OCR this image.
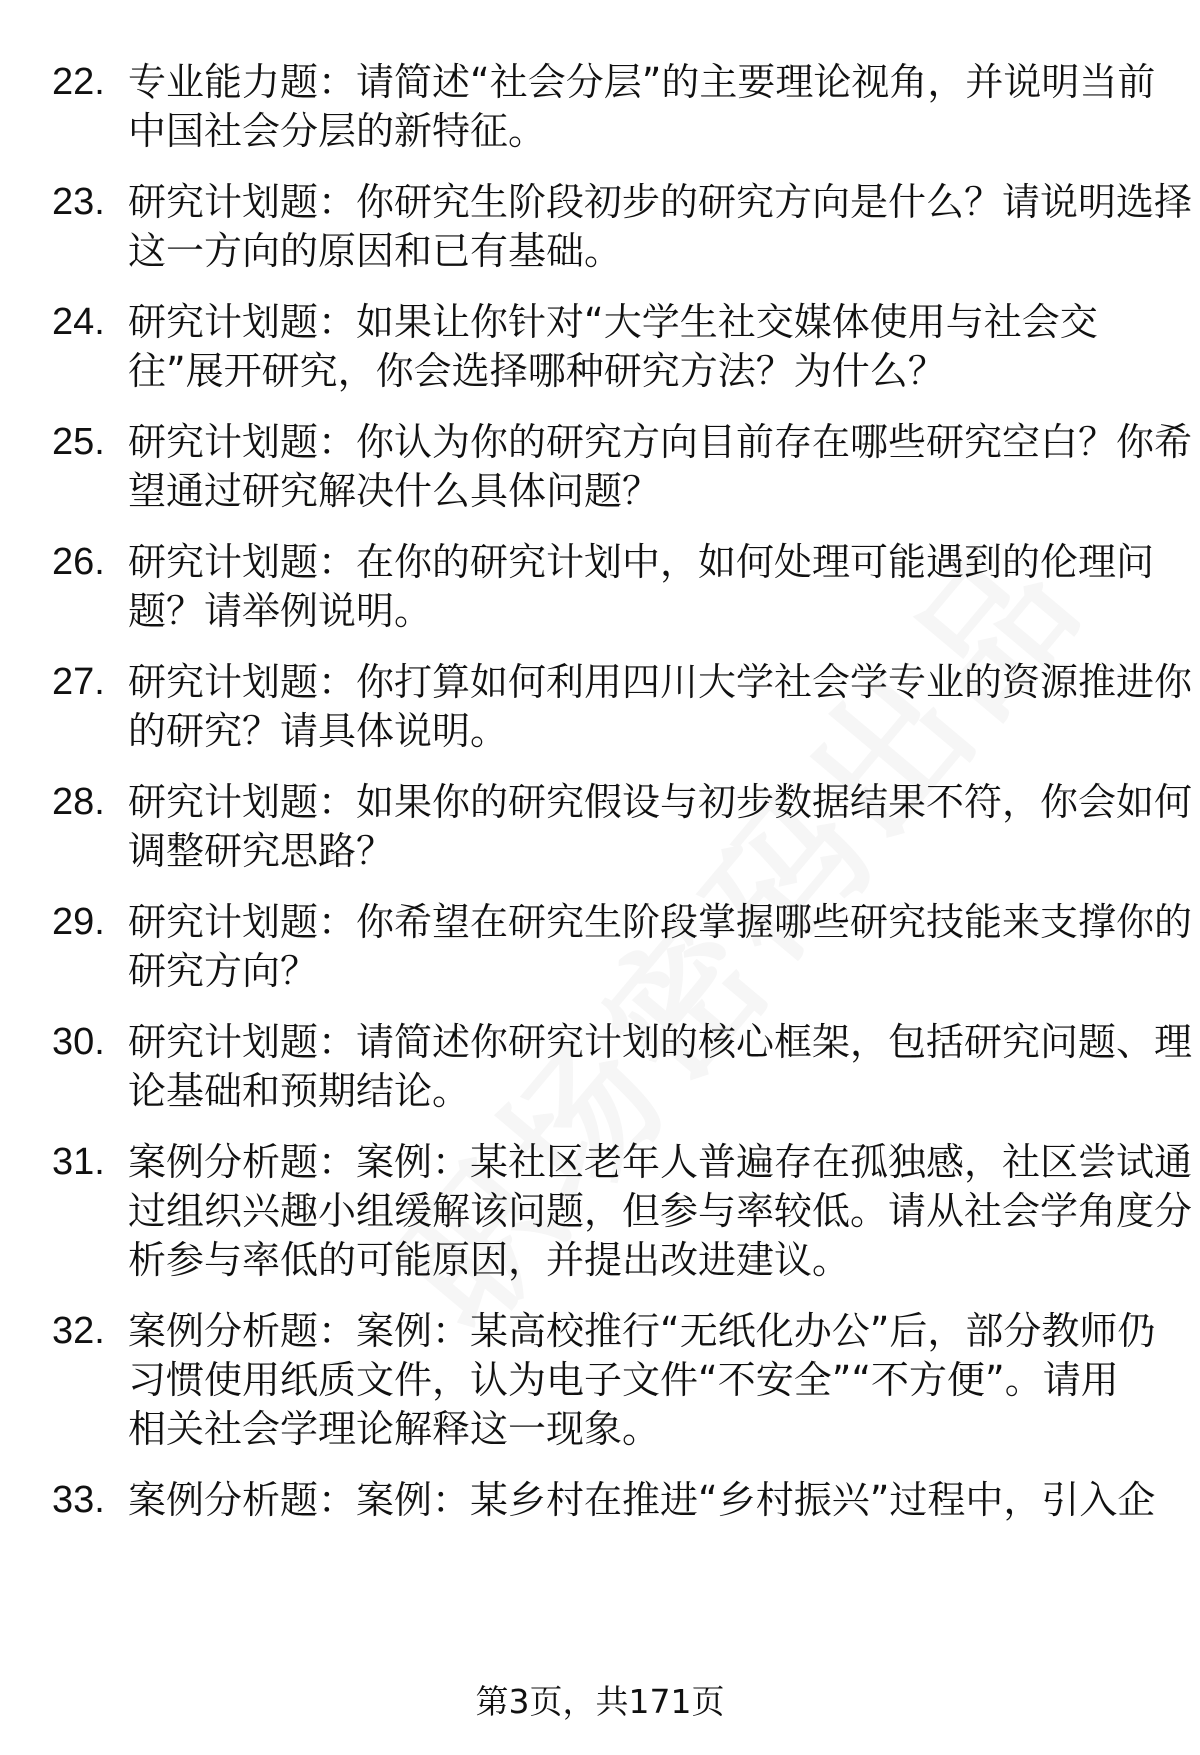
22. 专业能力题：请简述“社会分层”的主要理论视角，并说明当前
中国社会分层的新特征。
23. 研究计划题：你研究生阶段初步的研究方向是什么？请说明选择
这一方向的原因和已有基础。
24. 研究计划题：如果让你针对“大学生社交媒体使用与社会交
往”展开研究，你会选择哪种研究方法？为什么？
25. 研究计划题：你认为你的研究方向目前存在哪些研究空白？你希
望通过研究解决什么具体问题？
26. 研究计划题：在你的研究计划中，如何处理可能遇到的伦理问
题？请举例说明。
27. 研究计划题：你打算如何利用四川大学社会学专业的资源推进你
的研究？请具体说明。
28. 研究计划题：如果你的研究假设与初步数据结果不符，你会如何
调整研究思路？
29. 研究计划题：你希望在研究生阶段掌握哪些研究技能来支撑你的
研究方向？
30. 研究计划题：请简述你研究计划的核心框架，包括研究问题、理
论基础和预期结论。
31. 案例分析题：案例：某社区老年人普遍存在孤独感，社区尝试通
过组织兴趣小组缓解该问题，但参与率较低。请从社会学角度分
析参与率低的可能原因，并提出改进建议。
32. 案例分析题：案例：某高校推行“无纸化办公”后，部分教师仍
习惯使用纸质文件，认为电子文件“不安全”“不方便”。请用
相关社会学理论解释这一现象。
33. 案例分析题：案例：某乡村在推进“乡村振兴”过程中，引入企
第3页，共171页
